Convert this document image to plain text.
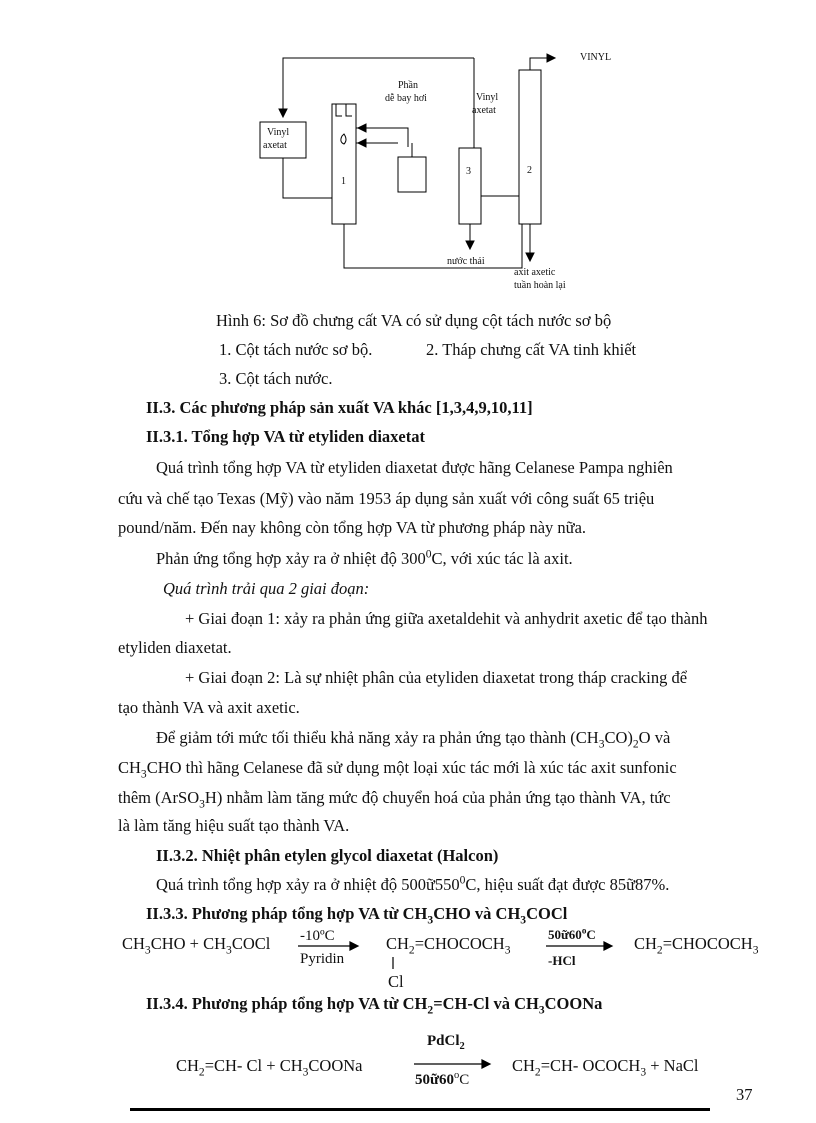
VINYL
Phần
dễ bay hơi	Vinyl
axetat
Vinyl
axetat
1
3	2
nước thải
axit axetic
tuần hoàn lại
Hình 6: Sơ đồ chưng cất VA có sử dụng cột tách nước sơ bộ
1. Cột tách nước sơ bộ.	2. Tháp chưng cất VA tinh khiết
3. Cột tách nước.
II.3. Các phương pháp sản xuất VA khác [1,3,4,9,10,11]
II.3.1. Tổng hợp VA từ etyliden diaxetat
Quá trình tổng hợp VA từ etyliden diaxetat được hãng Celanese Pampa nghiên
cứu và chế tạo Texas (Mỹ) vào năm 1953 áp dụng sản xuất với công suất 65 triệu
pound/năm. Đến nay không còn tổng hợp VA từ phương pháp này nữa.
Phản ứng tổng hợp xảy ra ở nhiệt độ $300^0C$, với xúc tác là axit.
Quá trình trải qua 2 giai đoạn:
+ Giai đoạn 1: xảy ra phản ứng giữa axetaldehit và anhydrit axetic để tạo thành
etyliden diaxetat.
+ Giai đoạn 2: Là sự nhiệt phân của etyliden diaxetat trong tháp cracking để
tạo thành VA và axit axetic.
Để giảm tới mức tối thiểu khả năng xảy ra phản ứng tạo thành $(CH_3CO)_2O$ và
$CH_3CHO$ thì hãng Celanese đã sử dụng một loại xúc tác mới là xúc tác axit sunfonic
thêm (ArSO$_3$H) nhằm làm tăng mức độ chuyển hoá của phản ứng tạo thành VA, tức
là làm tăng hiệu suất tạo thành VA.
II.3.2. Nhiệt phân etylen glycol diaxetat (Halcon)
Quá trình tổng hợp xảy ra ở nhiệt độ $500ữ550^0C$, hiệu suất đạt được 85ữ87%.
II.3.3. Phương pháp tổng hợp VA từ $CH_3CHO$ và $CH_3COCl$
$CH_3CHO$ + $CH_3COCl$ -10ºC
Pyridin
$CH_2=CHOCOCH_3$
Cl
50ữ60$^o$C
-HCl
$CH_2=CHOCOCH_3$
II.3.4. Phương pháp tổng hợp VA từ $CH_2=CH-Cl$ và $CH_3COONa$
PdCl$_2$
$CH_2=CH-$ $Cl + CH_3COONa$
50ữ60$^o$C
$CH_2=CH-$ $OCOCH_3$ + NaCl
37
